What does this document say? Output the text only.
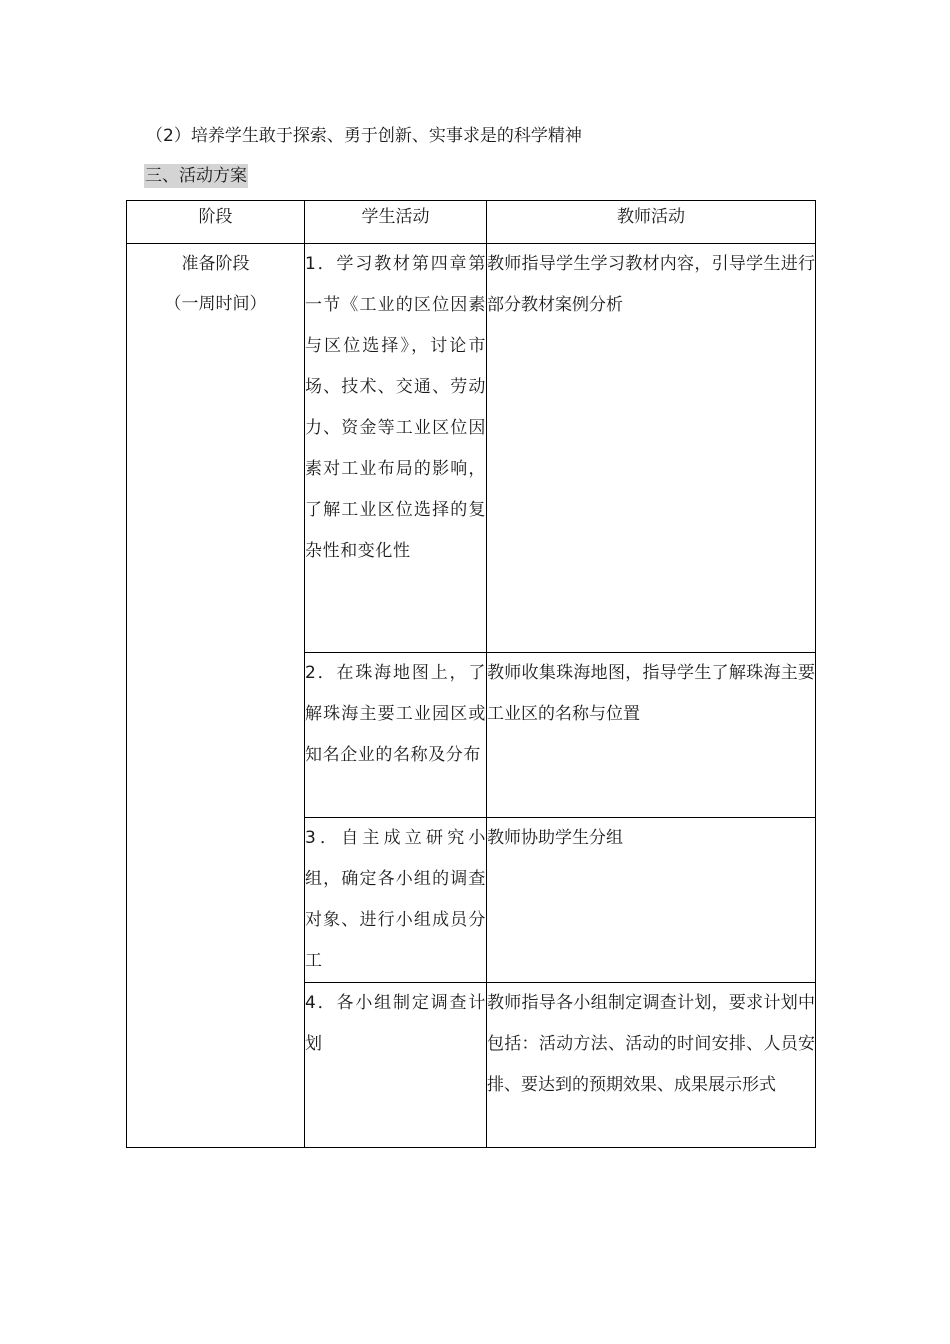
（2）培养学生敢于探索、勇于创新、实事求是的科学精神
三、活动方案
阶段	学生活动	教师活动

准备阶段
（一周时间）	1．学习教材第四章第一节《工业的区位因素与区位选择》，讨论市场、技术、交通、劳动力、资金等工业区位因素对工业布局的影响，了解工业区位选择的复杂性和变化性	教师指导学生学习教材内容，引导学生进行部分教材案例分析
	2．在珠海地图上，了解珠海主要工业园区或知名企业的名称及分布	教师收集珠海地图，指导学生了解珠海主要工业区的名称与位置
	3．自主成立研究小组，确定各小组的调查对象、进行小组成员分工	教师协助学生分组
	4．各小组制定调查计划	教师指导各小组制定调查计划，要求计划中包括：活动方法、活动的时间安排、人员安排、要达到的预期效果、成果展示形式
